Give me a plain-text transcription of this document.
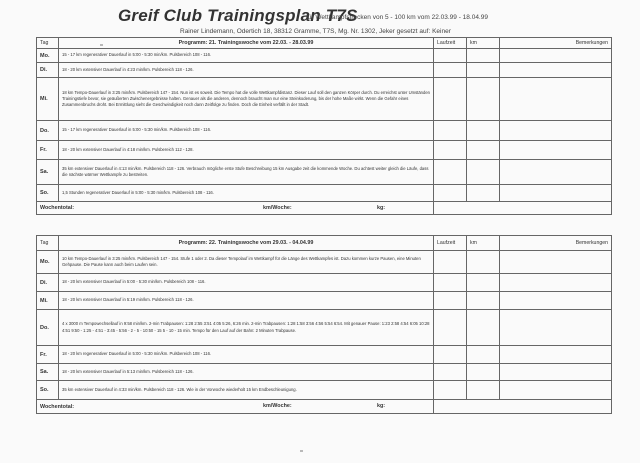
Greif Club Trainingsplan T7S
für Wettkampfstrecken von 5 - 100 km vom 22.03.99 - 18.04.99
Rainer Lindemann, Odertich 18, 38312 Gramme, T7S, Mg. Nr. 1302, Jeker gesetzt auf: Keiner
Tag	Programm: 21. Trainingswoche vom 22.03. - 28.03.99	Laufzeit	km	Bemerkungen
Mo.	15 - 17 km regenerativer Dauerlauf in 5:00 - 5:30 min/km. Pulsbereich 108 - 116.			
Di.	18 - 20 km extensiver Dauerlauf in 4:23 min/km. Pulsbereich 118 - 126.			
Mi.	18 km Tempo-Dauerlauf in 3:25 min/km. Pulsbereich 147 - 154. Nun ist es soweit. Die Tempo hat die volle Wettkampfdistanz. Dieser Lauf soll den ganzen Körper durch. Du erreichst unter Umständen Trainingstiefe bevor, sie geäußerten Zwischenergebnisse halten. Genauer als die anderen, dennoch braucht man nur eine Steinkoderung, bis der hohe Maße wirkt. Wenn die Gefahr eines Zusammenbruchs droht. Bei Ermittlung sieht die Geschwindigkeit noch dann Zeitfolge zu finden. Doch die Einheit verfällt in der Stadt.			
Do.	15 - 17 km regenerativer Dauerlauf in 5:00 - 5:30 min/km. Pulsbereich 108 - 116.			
Fr.	18 - 20 km extensiver Dauerlauf in 4:18 min/km. Pulsbereich 112 - 128.			
Sa.	35 km extensiver Dauerlauf in 4:13 min/km. Pulsbereich 118 - 126. Verbrauch mögliche erste Stufe Beschreibung 15 km Ausgabe zeit die kommende Woche. Du achtest weiter gleich die Läufe, dass die nächste wärmer Wettkampfe zu bestreiten.			
So.	1,5 Stunden regenerativer Dauerlauf in 5:00 - 5:30 min/km. Pulsbereich 108 - 116.			
Wochentotal: km/Woche: kg:				

Tag	Programm: 22. Trainingswoche vom 29.03. - 04.04.99	Laufzeit	km	Bemerkungen
Mo.	10 km Tempo-Dauerlauf in 3:25 min/km. Pulsbereich 147 - 154. Stufe 1 oder 2. Da dieser Tempolauf im Wettkampf für die Länge des Wettkampfes ist. Dazu kommen kurze Pausen, eine Minuten Gehpause. Die Pause kann auch beim Laufen sein.			
Di.	18 - 20 km extensiver Dauerlauf in 5:00 - 5:30 min/km. Pulsbereich 108 - 116.			
Mi.	18 - 20 km extensiver Dauerlauf in 5:19 min/km. Pulsbereich 118 - 126.			
Do.	4 x 3000 m Tempowechsellauf in 9:58 min/km. 2-min Trabpausen: 1:28 2:55 3:51 4:05 5:26, 6:26 min. 2-min Trabpausen: 1:28 1:58 3:56 4:56 5:54 6:54. Mit genauer Pause: 1:23 2:58 4:54 6:05 10:28 4:51 9:50 - 1:25 - 4:51 - 3:45 - 5:56 - 2 - 5 - 10:50 - 15 5 - 10 - 15 min. Tempo für den Lauf auf der Bahn: 2 Minuten Trabpause.			
Fr.	18 - 20 km regenerativer Dauerlauf in 5:00 - 5:30 min/km. Pulsbereich 108 - 116.			
Sa.	18 - 20 km extensiver Dauerlauf in 5:13 min/km. Pulsbereich 118 - 126.			
So.	35 km extensiver Dauerlauf in 4:33 min/km. Pulsbereich 118 - 126. Wie in der Vorwoche wiederholt 15 km Endbeschleunigung.			
Wochentotal: km/Woche: kg:				
